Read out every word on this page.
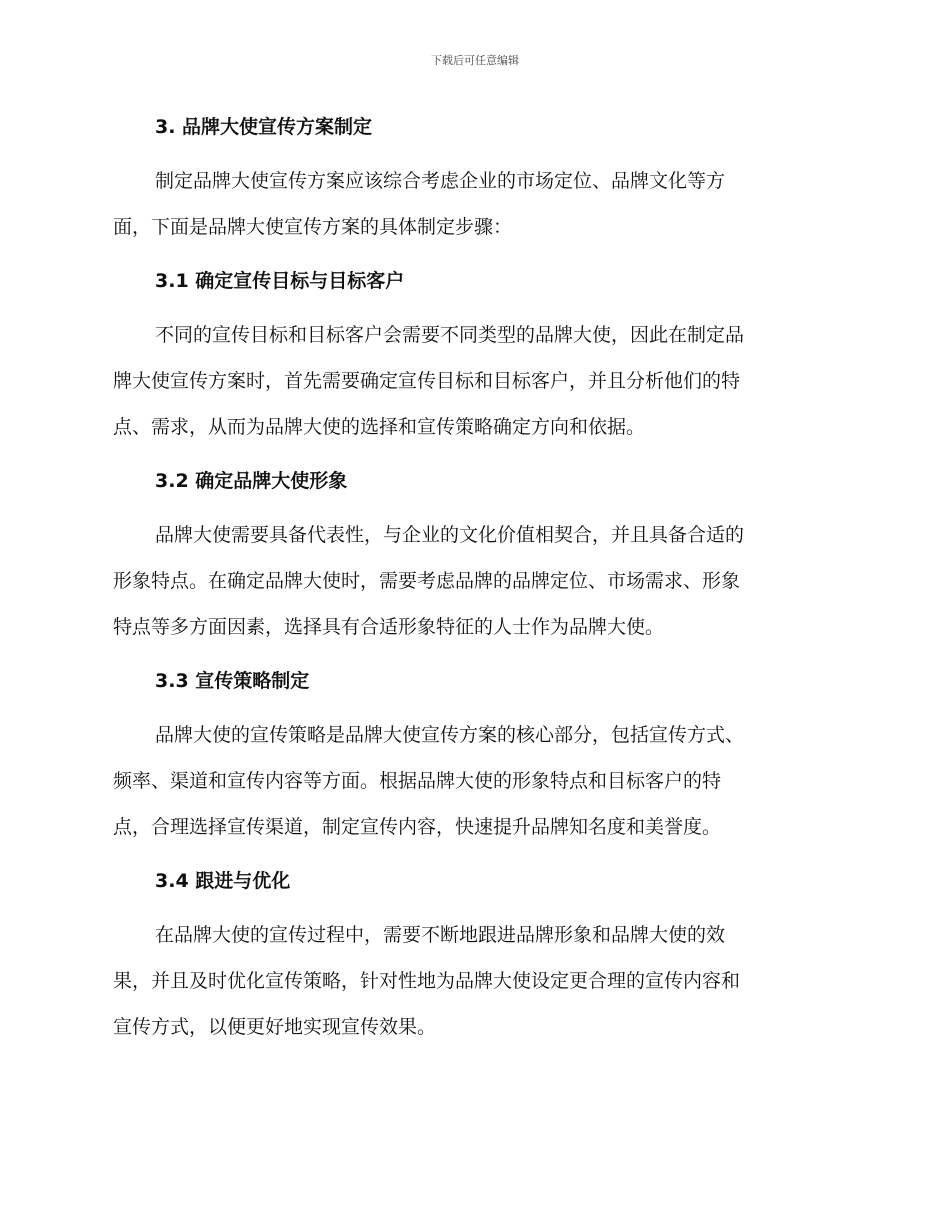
下载后可任意编辑
3. 品牌大使宣传方案制定
制定品牌大使宣传方案应该综合考虑企业的市场定位、品牌文化等方
面，下面是品牌大使宣传方案的具体制定步骤：
3.1 确定宣传目标与目标客户
不同的宣传目标和目标客户会需要不同类型的品牌大使，因此在制定品
牌大使宣传方案时，首先需要确定宣传目标和目标客户，并且分析他们的特
点、需求，从而为品牌大使的选择和宣传策略确定方向和依据。
3.2 确定品牌大使形象
品牌大使需要具备代表性，与企业的文化价值相契合，并且具备合适的
形象特点。在确定品牌大使时，需要考虑品牌的品牌定位、市场需求、形象
特点等多方面因素，选择具有合适形象特征的人士作为品牌大使。
3.3 宣传策略制定
品牌大使的宣传策略是品牌大使宣传方案的核心部分，包括宣传方式、
频率、渠道和宣传内容等方面。根据品牌大使的形象特点和目标客户的特
点，合理选择宣传渠道，制定宣传内容，快速提升品牌知名度和美誉度。
3.4 跟进与优化
在品牌大使的宣传过程中，需要不断地跟进品牌形象和品牌大使的效
果，并且及时优化宣传策略，针对性地为品牌大使设定更合理的宣传内容和
宣传方式，以便更好地实现宣传效果。
